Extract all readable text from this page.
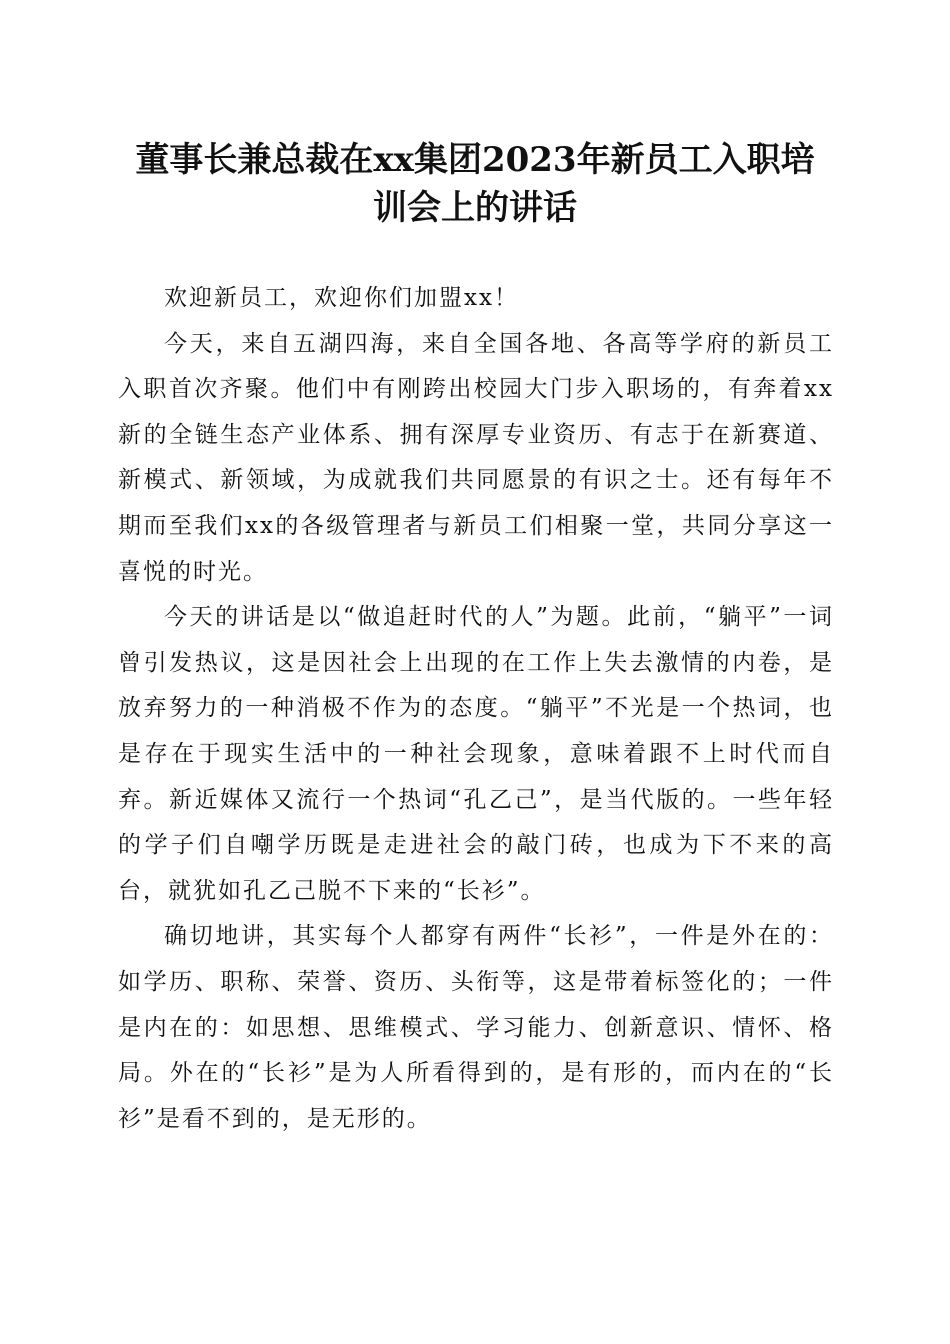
董事长兼总裁在xx集团2023年新员工入职培
训会上的讲话

欢迎新员工，欢迎你们加盟xx！

今天，来自五湖四海，来自全国各地、各高等学府的新员工入职首次齐聚。他们中有刚跨出校园大门步入职场的，有奔着xx新的全链生态产业体系、拥有深厚专业资历、有志于在新赛道、新模式、新领域，为成就我们共同愿景的有识之士。还有每年不期而至我们xx的各级管理者与新员工们相聚一堂，共同分享这一喜悦的时光。

今天的讲话是以“做追赶时代的人”为题。此前，“躺平”一词曾引发热议，这是因社会上出现的在工作上失去激情的内卷，是放弃努力的一种消极不作为的态度。“躺平”不光是一个热词，也是存在于现实生活中的一种社会现象，意味着跟不上时代而自弃。新近媒体又流行一个热词“孔乙己”，是当代版的。一些年轻的学子们自嘲学历既是走进社会的敲门砖，也成为下不来的高台，就犹如孔乙己脱不下来的“长衫”。

确切地讲，其实每个人都穿有两件“长衫”，一件是外在的：如学历、职称、荣誉、资历、头衔等，这是带着标签化的；一件是内在的：如思想、思维模式、学习能力、创新意识、情怀、格局。外在的“长衫”是为人所看得到的，是有形的，而内在的“长衫”是看不到的，是无形的。
